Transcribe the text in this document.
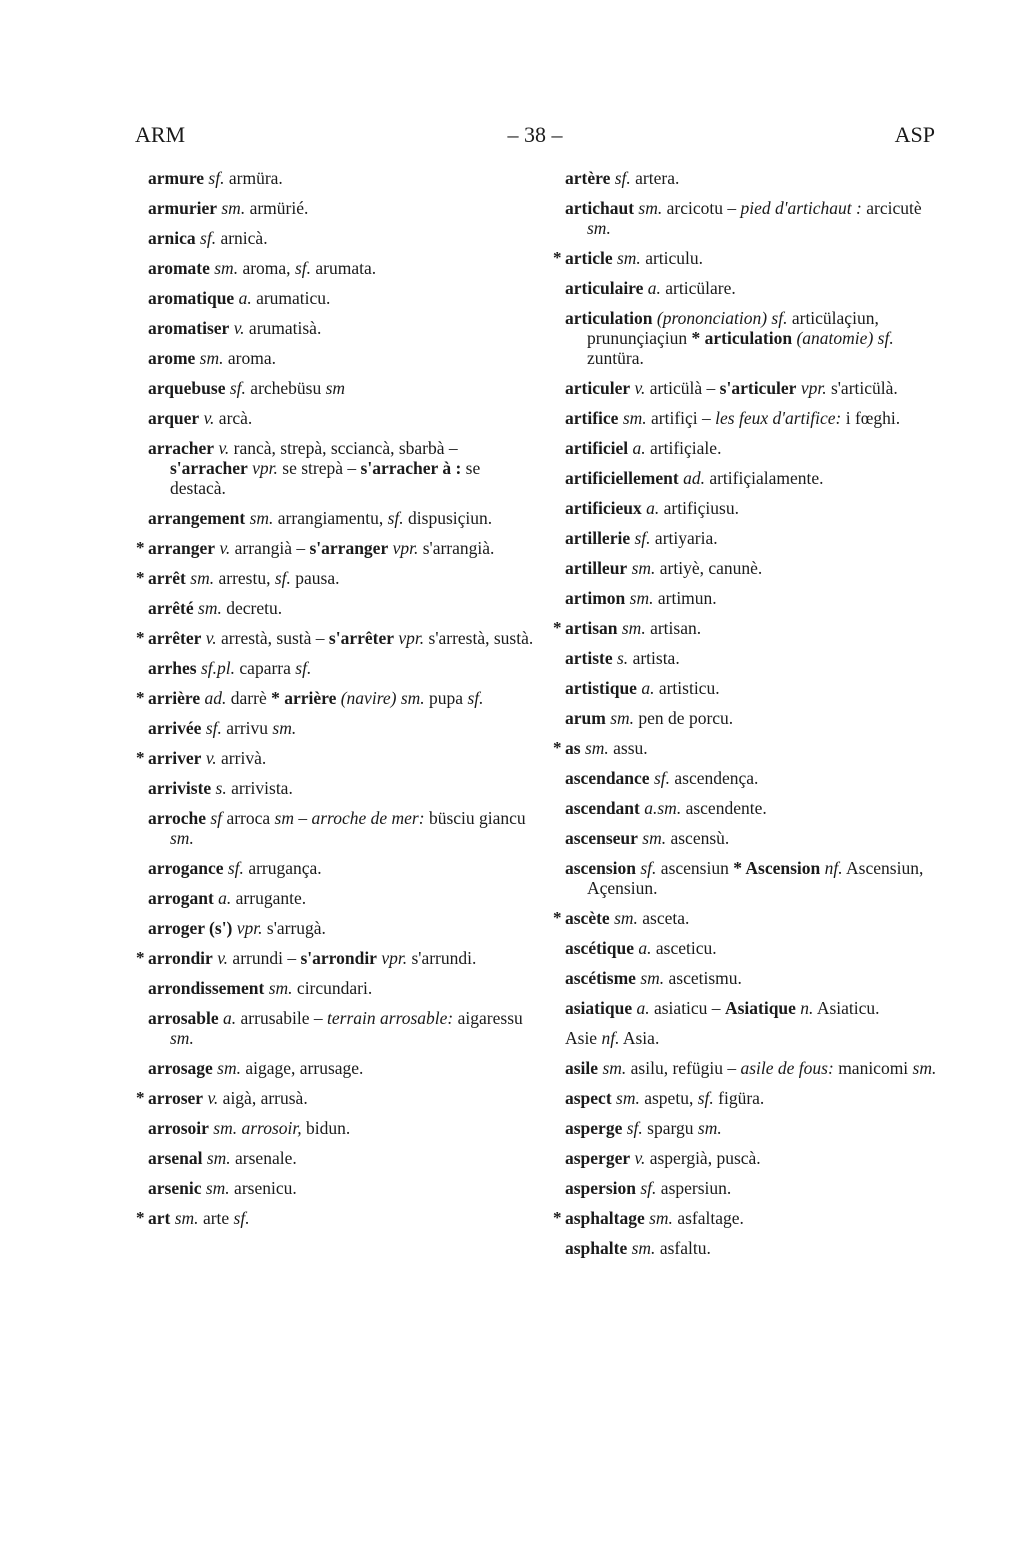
ARM	– 38 –	ASP
armure sf. armüra.
armurier sm. armürié.
arnica sf. arnicà.
aromate sm. aroma, sf. arumata.
aromatique a. arumaticu.
aromatiser v. arumatisà.
arome sm. aroma.
arquebuse sf. archebüsu sm
arquer v. arcà.
arracher v. rancà, strepà, scciancà, sbarbà – s'arracher vpr. se strepà – s'arracher à : se destacà.
arrangement sm. arrangiamentu, sf. dispusiçiun.
* arranger v. arrangià – s'arranger vpr. s'arrangià.
* arrêt sm. arrestu, sf. pausa.
arrêté sm. decretu.
* arrêter v. arrestà, sustà – s'arrêter vpr. s'arrestà, sustà.
arrhes sf.pl. caparra sf.
* arrière ad. darrè * arrière (navire) sm. pupa sf.
arrivée sf. arrivu sm.
* arriver v. arrivà.
arriviste s. arrivista.
arroche sf arroca sm – arroche de mer: büsciu giancu sm.
arrogance sf. arrugança.
arrogant a. arrugante.
arroger (s') vpr. s'arrugà.
* arrondir v. arrundi – s'arrondir vpr. s'arrundi.
arrondissement sm. circundari.
arrosable a. arrusabile – terrain arrosable: aigaressu sm.
arrosage sm. aigage, arrusage.
* arroser v. aigà, arrusà.
arrosoir sm. arrosoir, bidun.
arsenal sm. arsenale.
arsenic sm. arsenicu.
* art sm. arte sf.
artère sf. artera.
artichaut sm. arcicotu – pied d'artichaut : arcicutè sm.
* article sm. articulu.
articulaire a. articülare.
articulation (prononciation) sf. articülaçiun, prununçiaçiun * articulation (anatomie) sf. zuntüra.
articuler v. articülà – s'articuler vpr. s'articülà.
artifice sm. artifiçi – les feux d'artifice: i fœghi.
artificiel a. artifiçiale.
artificiellement ad. artifiçialamente.
artificieux a. artifiçiusu.
artillerie sf. artiyaria.
artilleur sm. artiyè, canunè.
artimon sm. artimun.
* artisan sm. artisan.
artiste s. artista.
artistique a. artisticu.
arum sm. pen de porcu.
* as sm. assu.
ascendance sf. ascendença.
ascendant a.sm. ascendente.
ascenseur sm. ascensù.
ascension sf. ascensiun * Ascension nf. Ascensiun, Açensiun.
* ascète sm. asceta.
ascétique a. asceticu.
ascétisme sm. ascetismu.
asiatique a. asiaticu – Asiatique n. Asiaticu.
Asie nf. Asia.
asile sm. asilu, refügiu – asile de fous: manicomi sm.
aspect sm. aspetu, sf. figüra.
asperge sf. spargu sm.
asperger v. aspergià, puscà.
aspersion sf. aspersiun.
* asphaltage sm. asfaltage.
asphalte sm. asfaltu.
